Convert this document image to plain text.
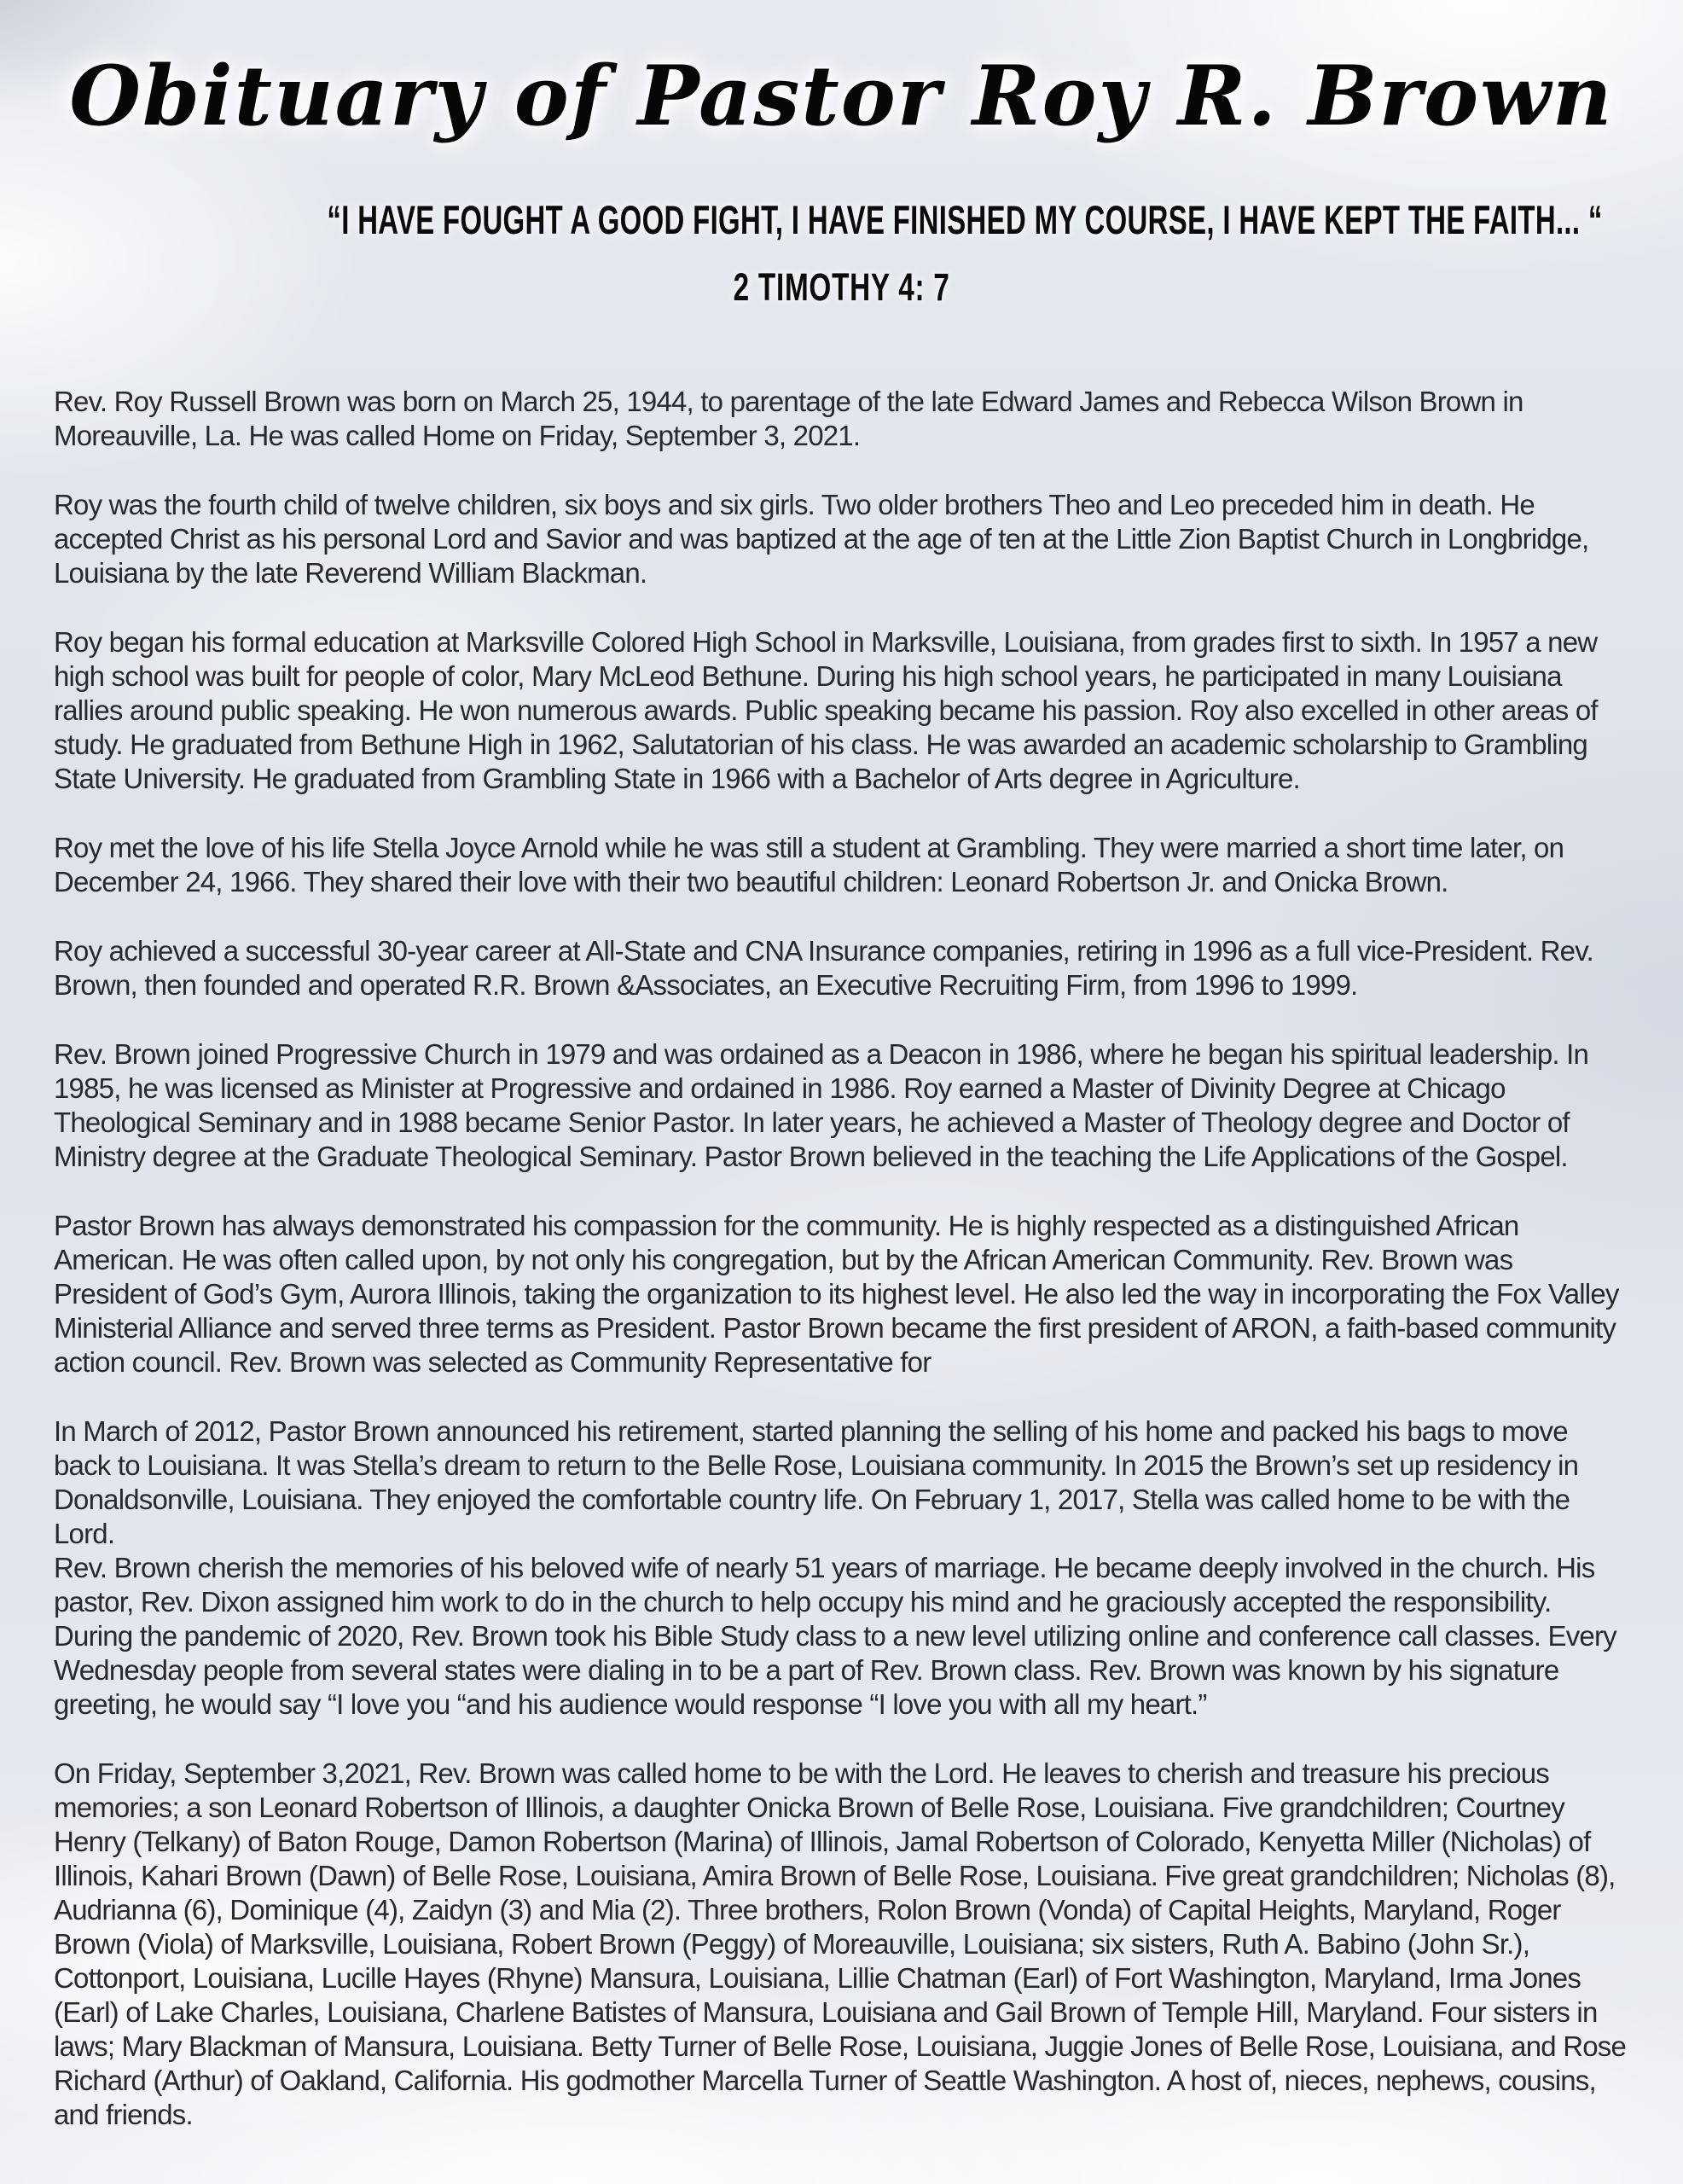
Obituary of Pastor Roy R. Brown
“I HAVE FOUGHT A GOOD FIGHT, I HAVE FINISHED MY COURSE, I HAVE KEPT THE FAITH... “
2 TIMOTHY 4: 7

Rev. Roy Russell Brown was born on March 25, 1944, to parentage of the late Edward James and Rebecca Wilson Brown in Moreauville, La. He was called Home on Friday, September 3, 2021.

Roy was the fourth child of twelve children, six boys and six girls. Two older brothers Theo and Leo preceded him in death. He accepted Christ as his personal Lord and Savior and was baptized at the age of ten at the Little Zion Baptist Church in Longbridge, Louisiana by the late Reverend William Blackman.

Roy began his formal education at Marksville Colored High School in Marksville, Louisiana, from grades first to sixth. In 1957 a new high school was built for people of color, Mary McLeod Bethune. During his high school years, he participated in many Louisiana rallies around public speaking. He won numerous awards. Public speaking became his passion. Roy also excelled in other areas of study. He graduated from Bethune High in 1962, Salutatorian of his class. He was awarded an academic scholarship to Grambling State University. He graduated from Grambling State in 1966 with a Bachelor of Arts degree in Agriculture.

Roy met the love of his life Stella Joyce Arnold while he was still a student at Grambling. They were married a short time later, on December 24, 1966. They shared their love with their two beautiful children: Leonard Robertson Jr. and Onicka Brown.

Roy achieved a successful 30-year career at All-State and CNA Insurance companies, retiring in 1996 as a full vice-President. Rev. Brown, then founded and operated R.R. Brown &Associates, an Executive Recruiting Firm, from 1996 to 1999.

Rev. Brown joined Progressive Church in 1979 and was ordained as a Deacon in 1986, where he began his spiritual leadership. In 1985, he was licensed as Minister at Progressive and ordained in 1986. Roy earned a Master of Divinity Degree at Chicago Theological Seminary and in 1988 became Senior Pastor. In later years, he achieved a Master of Theology degree and Doctor of Ministry degree at the Graduate Theological Seminary. Pastor Brown believed in the teaching the Life Applications of the Gospel.

Pastor Brown has always demonstrated his compassion for the community. He is highly respected as a distinguished African American. He was often called upon, by not only his congregation, but by the African American Community. Rev. Brown was President of God’s Gym, Aurora Illinois, taking the organization to its highest level. He also led the way in incorporating the Fox Valley Ministerial Alliance and served three terms as President. Pastor Brown became the first president of ARON, a faith-based community action council. Rev. Brown was selected as Community Representative for

In March of 2012, Pastor Brown announced his retirement, started planning the selling of his home and packed his bags to move back to Louisiana. It was Stella’s dream to return to the Belle Rose, Louisiana community. In 2015 the Brown’s set up residency in Donaldsonville, Louisiana. They enjoyed the comfortable country life. On February 1, 2017, Stella was called home to be with the Lord.

Rev. Brown cherish the memories of his beloved wife of nearly 51 years of marriage. He became deeply involved in the church. His pastor, Rev. Dixon assigned him work to do in the church to help occupy his mind and he graciously accepted the responsibility. During the pandemic of 2020, Rev. Brown took his Bible Study class to a new level utilizing online and conference call classes. Every Wednesday people from several states were dialing in to be a part of Rev. Brown class. Rev. Brown was known by his signature greeting, he would say “I love you “and his audience would response “I love you with all my heart.”

On Friday, September 3,2021, Rev. Brown was called home to be with the Lord. He leaves to cherish and treasure his precious memories; a son Leonard Robertson of Illinois, a daughter Onicka Brown of Belle Rose, Louisiana. Five grandchildren; Courtney Henry (Telkany) of Baton Rouge, Damon Robertson (Marina) of Illinois, Jamal Robertson of Colorado, Kenyetta Miller (Nicholas) of Illinois, Kahari Brown (Dawn) of Belle Rose, Louisiana, Amira Brown of Belle Rose, Louisiana. Five great grandchildren; Nicholas (8), Audrianna (6), Dominique (4), Zaidyn (3) and Mia (2). Three brothers, Rolon Brown (Vonda) of Capital Heights, Maryland, Roger Brown (Viola) of Marksville, Louisiana, Robert Brown (Peggy) of Moreauville, Louisiana; six sisters, Ruth A. Babino (John Sr.), Cottonport, Louisiana, Lucille Hayes (Rhyne) Mansura, Louisiana, Lillie Chatman (Earl) of Fort Washington, Maryland, Irma Jones (Earl) of Lake Charles, Louisiana, Charlene Batistes of Mansura, Louisiana and Gail Brown of Temple Hill, Maryland. Four sisters in laws; Mary Blackman of Mansura, Louisiana. Betty Turner of Belle Rose, Louisiana, Juggie Jones of Belle Rose, Louisiana, and Rose Richard (Arthur) of Oakland, California. His godmother Marcella Turner of Seattle Washington. A host of, nieces, nephews, cousins, and friends.
